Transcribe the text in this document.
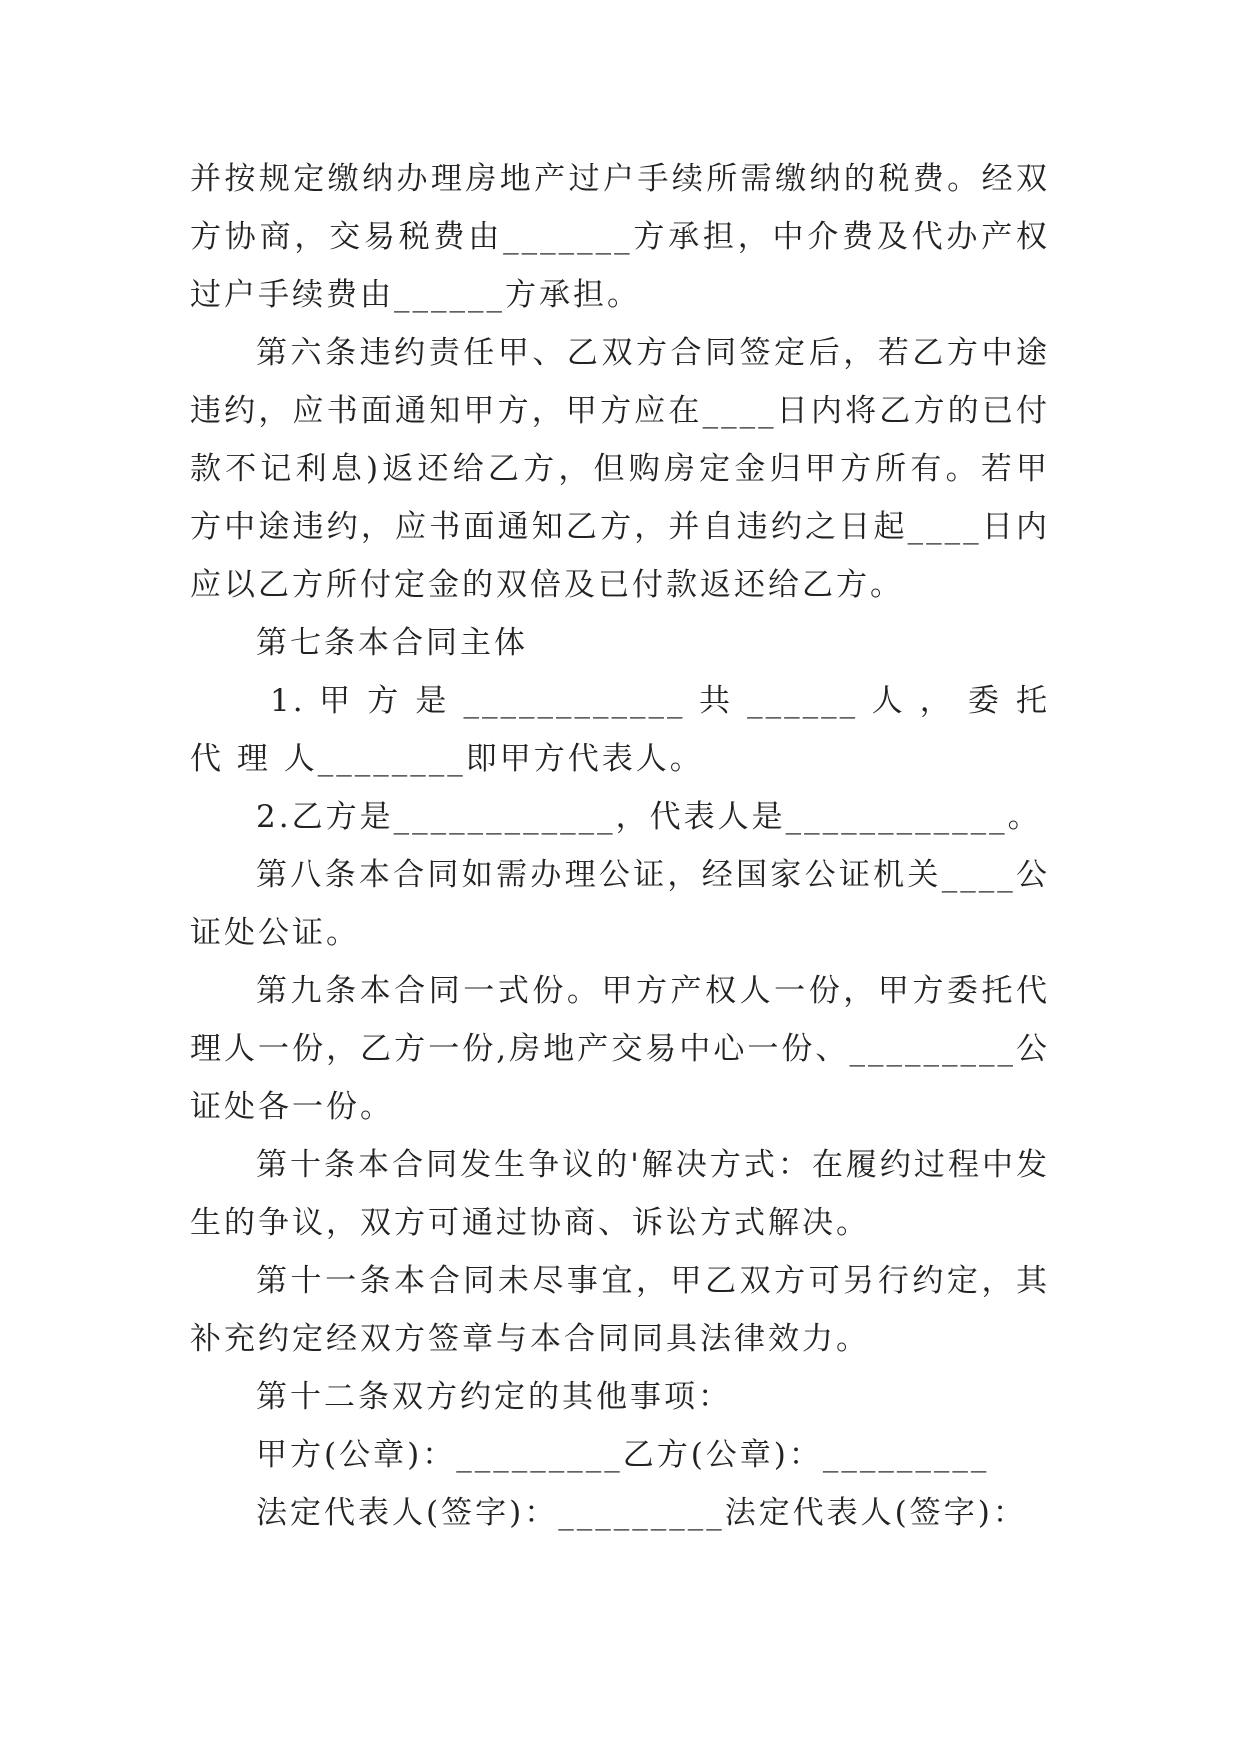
并按规定缴纳办理房地产过户手续所需缴纳的税费。经双方协商，交易税费由_______方承担，中介费及代办产权过户手续费由______方承担。

第六条违约责任甲、乙双方合同签定后，若乙方中途违约，应书面通知甲方，甲方应在____日内将乙方的已付款不记利息)返还给乙方，但购房定金归甲方所有。若甲方中途违约，应书面通知乙方，并自违约之日起____日内应以乙方所付定金的双倍及已付款返还给乙方。

第七条本合同主体

1. 甲 方 是 ____________ 共 ______ 人 ， 委 托 代 理 人________即甲方代表人。

2.乙方是____________，代表人是____________。

第八条本合同如需办理公证，经国家公证机关____公证处公证。

第九条本合同一式份。甲方产权人一份，甲方委托代理人一份，乙方一份,房地产交易中心一份、_________公证处各一份。

第十条本合同发生争议的'解决方式：在履约过程中发生的争议，双方可通过协商、诉讼方式解决。

第十一条本合同未尽事宜，甲乙双方可另行约定，其补充约定经双方签章与本合同同具法律效力。

第十二条双方约定的其他事项：

甲方(公章)：_________乙方(公章)：_________

法定代表人(签字)：_________法定代表人(签字)：
